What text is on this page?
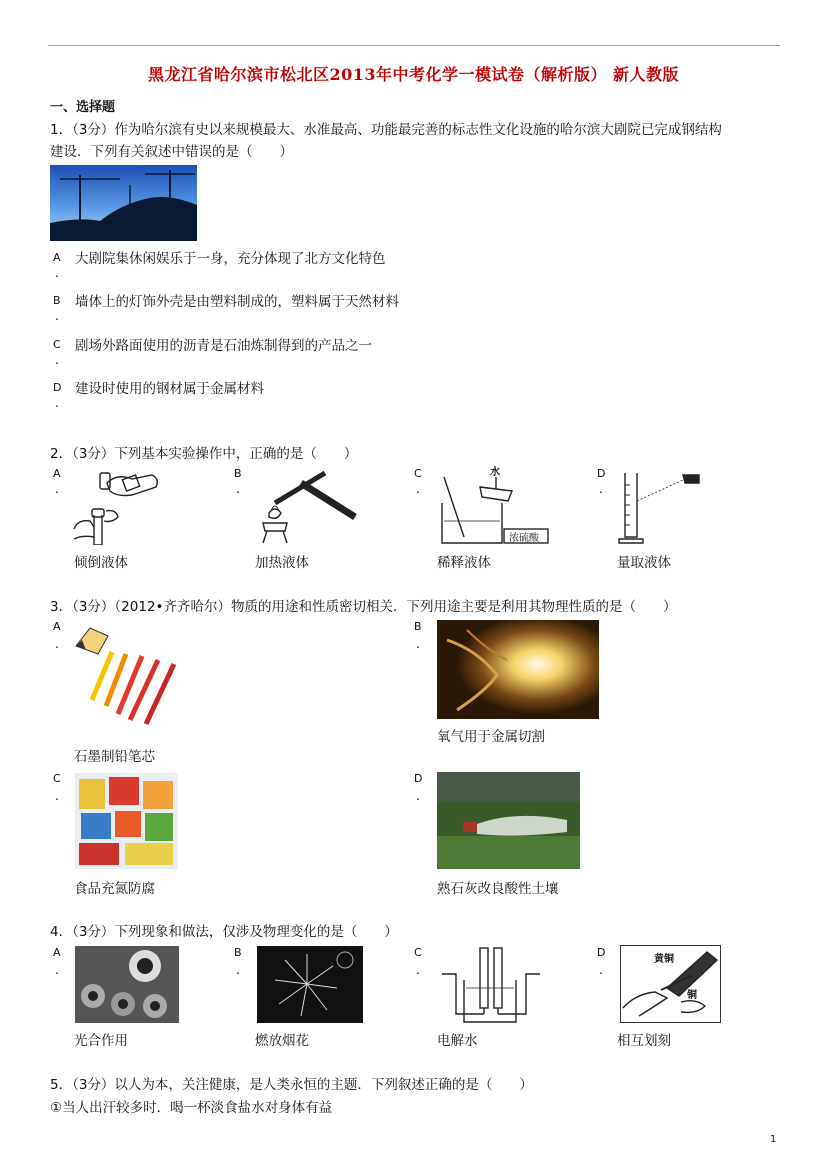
黑龙江省哈尔滨市松北区2013年中考化学一模试卷（解析版） 新人教版
一、选择题
1．（3分）作为哈尔滨有史以来规模最大、水准最高、功能最完善的标志性文化设施的哈尔滨大剧院已完成钢结构
建设．下列有关叙述中错误的是（　　）
A
.
大剧院集休闲娱乐于一身，充分体现了北方文化特色
B
.
墙体上的灯饰外壳是由塑料制成的，塑料属于天然材料
C
.
剧场外路面使用的沥青是石油炼制得到的产品之一
D
.
建设时使用的钢材属于金属材料
2．（3分）下列基本实验操作中，正确的是（　　）
A
.
倾倒液体
B
.
加热液体
C
.
水
浓硫酸
稀释液体
D
.
量取液体
3．（3分）（2012•齐齐哈尔）物质的用途和性质密切相关．下列用途主要是利用其物理性质的是（　　）
A
.
石墨制铅笔芯
B
.
氧气用于金属切割
C
.
食品充氮防腐
D
.
熟石灰改良酸性土壤
4．（3分）下列现象和做法，仅涉及物理变化的是（　　）
A
.
光合作用
B
.
燃放烟花
C
.
电解水
D
.
黄铜
铜
相互划刻
5．（3分）以人为本，关注健康，是人类永恒的主题．下列叙述正确的是（　　）
①当人出汗较多时．喝一杯淡食盐水对身体有益
1
